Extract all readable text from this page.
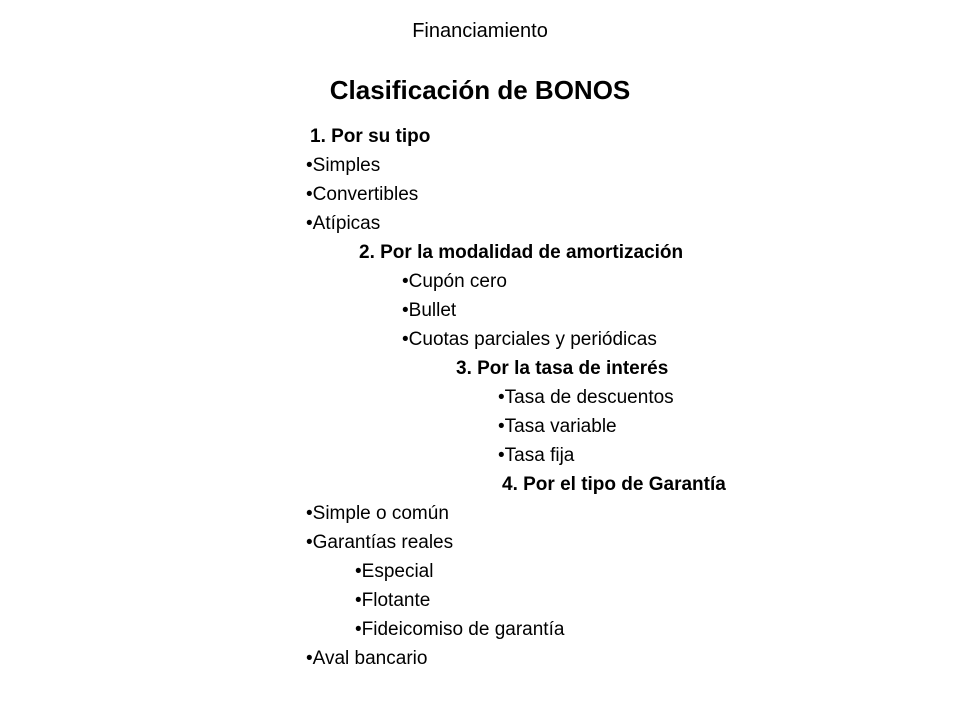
Financiamiento
Clasificación de BONOS
1. Por su tipo
•Simples
•Convertibles
•Atípicas
2. Por la modalidad de amortización
•Cupón cero
•Bullet
•Cuotas parciales y periódicas
3. Por la tasa de interés
•Tasa de descuentos
•Tasa variable
•Tasa fija
4. Por el tipo de Garantía
•Simple o común
•Garantías reales
•Especial
•Flotante
•Fideicomiso de garantía
•Aval bancario
